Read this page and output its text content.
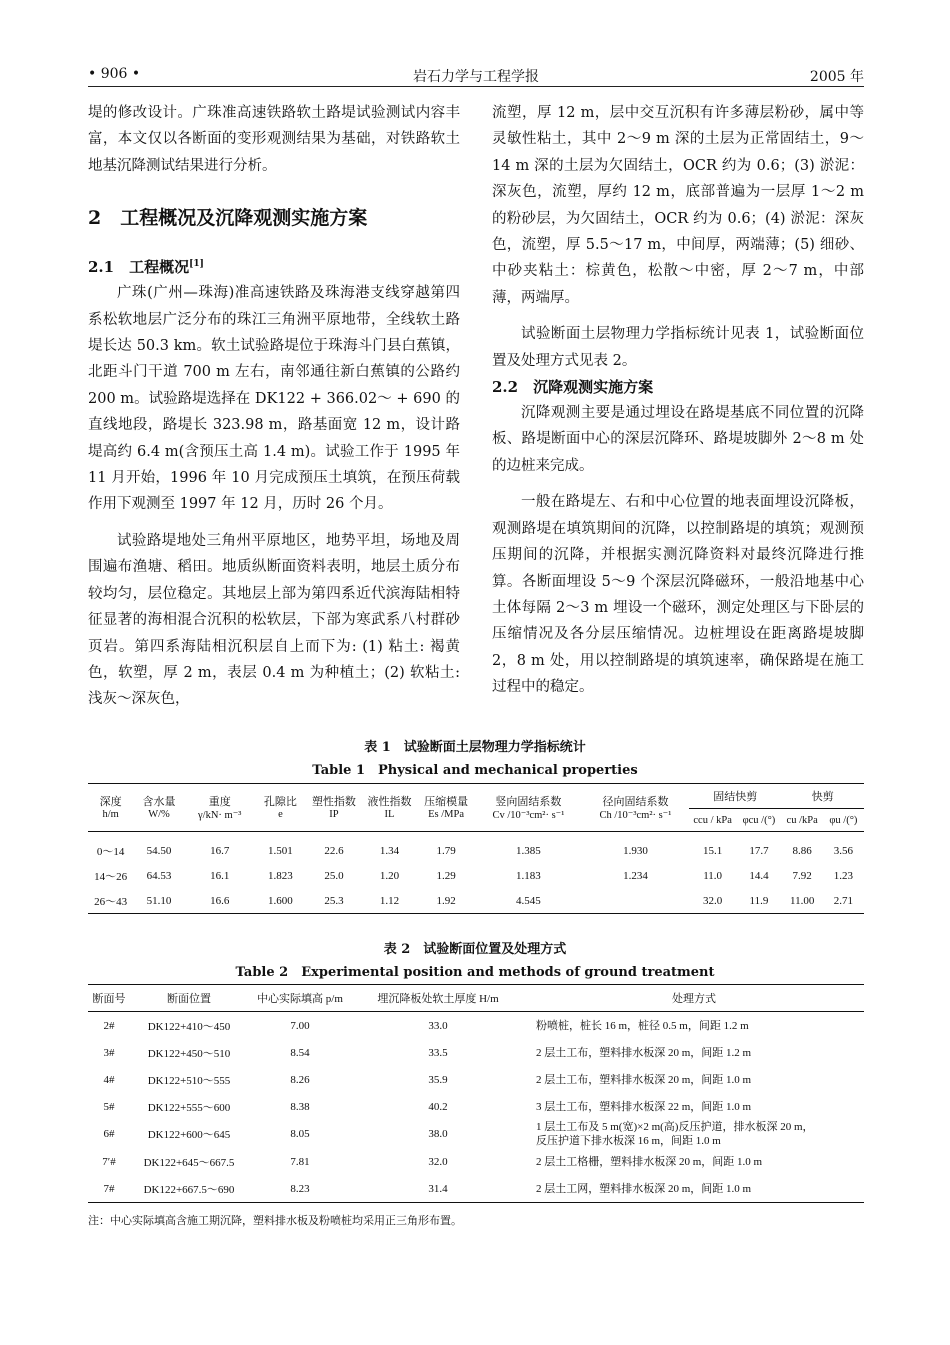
• 906 •	岩石力学与工程学报	2005 年

堤的修改设计。广珠准高速铁路软土路堤试验测试内容丰富，本文仅以各断面的变形观测结果为基础，对铁路软土地基沉降测试结果进行分析。

2　工程概况及沉降观测实施方案
2.1　工程概况[1]

广珠(广州—珠海)准高速铁路及珠海港支线穿越第四系松软地层广泛分布的珠江三角洲平原地带，全线软土路堤长达 50.3 km。软土试验路堤位于珠海斗门县白蕉镇，北距斗门干道 700 m 左右，南邻通往新白蕉镇的公路约 200 m。试验路堤选择在 DK122 + 366.02～ + 690 的直线地段，路堤长 323.98 m，路基面宽 12 m，设计路堤高约 6.4 m(含预压土高 1.4 m)。试验工作于 1995 年 11 月开始，1996 年 10 月完成预压土填筑，在预压荷载作用下观测至 1997 年 12 月，历时 26 个月。

试验路堤地处三角州平原地区，地势平坦，场地及周围遍布渔塘、稻田。地质纵断面资料表明，地层土质分布较均匀，层位稳定。其地层上部为第四系近代滨海陆相特征显著的海相混合沉积的松软层，下部为寒武系八村群砂页岩。第四系海陆相沉积层自上而下为: (1) 粘土: 褐黄色，软塑，厚 2 m，表层 0.4 m 为种植土；(2) 软粘土: 浅灰～深灰色，

流塑，厚 12 m，层中交互沉积有许多薄层粉砂，属中等灵敏性粘土，其中 2～9 m 深的土层为正常固结土，9～14 m 深的土层为欠固结土，OCR 约为 0.6；(3) 淤泥：深灰色，流塑，厚约 12 m，底部普遍为一层厚 1～2 m 的粉砂层，为欠固结土，OCR 约为 0.6；(4) 淤泥：深灰色，流塑，厚 5.5～17 m，中间厚，两端薄；(5) 细砂、中砂夹粘土：棕黄色，松散～中密，厚 2～7 m，中部薄，两端厚。

试验断面土层物理力学指标统计见表 1，试验断面位置及处理方式见表 2。

2.2　沉降观测实施方案

沉降观测主要是通过埋设在路堤基底不同位置的沉降板、路堤断面中心的深层沉降环、路堤坡脚外 2～8 m 处的边桩来完成。

一般在路堤左、右和中心位置的地表面埋设沉降板，观测路堤在填筑期间的沉降，以控制路堤的填筑；观测预压期间的沉降，并根据实测沉降资料对最终沉降进行推算。各断面埋设 5～9 个深层沉降磁环，一般沿地基中心土体每隔 2～3 m 埋设一个磁环，测定处理区与下卧层的压缩情况及各分层压缩情况。边桩埋设在距离路堤坡脚 2，8 m 处，用以控制路堤的填筑速率，确保路堤在施工过程中的稳定。

表 1　试验断面土层物理力学指标统计
Table 1　Physical and mechanical properties
深度	含水量	重度	孔隙比	塑性指数	液性指数	压缩模量	竖向固结系数	径向固结系数	固结快剪		快剪	
h/m	W/%	γ/kN· m⁻³	e	IP	IL	Es /MPa	Cv /10⁻³cm²· s⁻¹	Ch /10⁻³cm²· s⁻¹	ccu / kPa	φcu /(°)	cu /kPa	φu /(°)
0～14	54.50	16.7	1.501	22.6	1.34	1.79	1.385	1.930	15.1	17.7	8.86	3.56
14～26	64.53	16.1	1.823	25.0	1.20	1.29	1.183	1.234	11.0	14.4	7.92	1.23
26～43	51.10	16.6	1.600	25.3	1.12	1.92	4.545		32.0	11.9	11.00	2.71
表 2　试验断面位置及处理方式
Table 2　Experimental position and methods of ground treatment
断面号	断面位置	中心实际填高 p/m	埋沉降板处软土厚度 H/m	处理方式
2#	DK122+410～450	7.00	33.0	粉喷桩，桩长 16 m，桩径 0.5 m，间距 1.2 m
3#	DK122+450～510	8.54	33.5	2 层土工布，塑料排水板深 20 m，间距 1.2 m
4#	DK122+510～555	8.26	35.9	2 层土工布，塑料排水板深 20 m，间距 1.0 m
5#	DK122+555～600	8.38	40.2	3 层土工布，塑料排水板深 22 m，间距 1.0 m
6#	DK122+600～645	8.05	38.0	1 层土工布及 5 m(宽)×2 m(高)反压护道，排水板深 20 m，反压护道下排水板深 16 m，间距 1.0 m
7′#	DK122+645～667.5	7.81	32.0	2 层土工格栅，塑料排水板深 20 m，间距 1.0 m
7#	DK122+667.5～690	8.23	31.4	2 层土工网，塑料排水板深 20 m，间距 1.0 m
注：中心实际填高含施工期沉降，塑料排水板及粉喷桩均采用正三角形布置。
